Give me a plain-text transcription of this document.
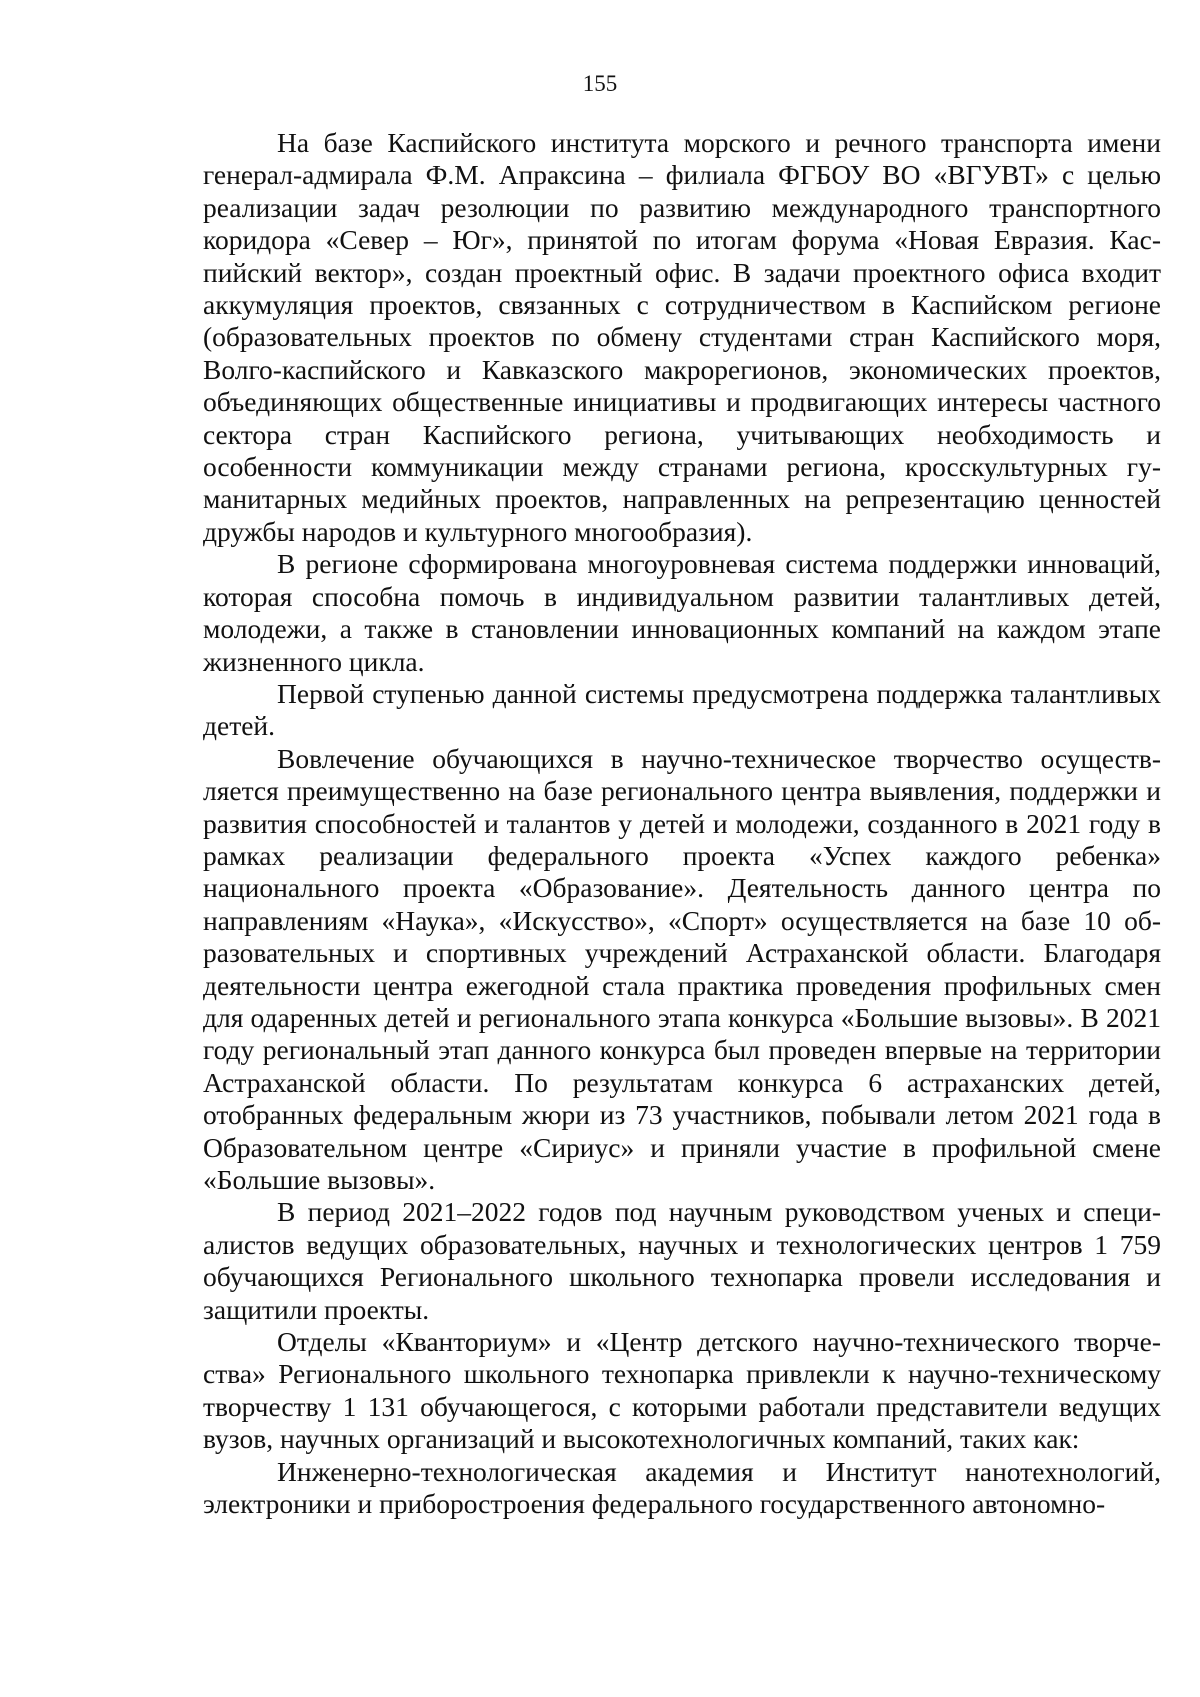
155

На базе Каспийского института морского и речного транспорта имени генерал-адмирала Ф.М. Апраксина – филиала ФГБОУ ВО «ВГУВТ» с целью реализации задач резолюции по развитию международного транспортного коридора «Север – Юг», принятой по итогам форума «Новая Евразия. Каспийский вектор», создан проектный офис. В задачи проектного офиса входит аккумуляция проектов, связанных с сотрудничеством в Каспийском регионе (образовательных проектов по обмену студентами стран Каспийского моря, Волго-каспийского и Кавказского макрорегионов, экономических проектов, объединяющих общественные инициативы и продвигающих интересы частного сектора стран Каспийского региона, учитывающих необходимость и особенности коммуникации между странами региона, кросскультурных гуманитарных медийных проектов, направленных на репрезентацию ценностей дружбы народов и культурного многообразия).

В регионе сформирована многоуровневая система поддержки инноваций, которая способна помочь в индивидуальном развитии талантливых детей, молодежи, а также в становлении инновационных компаний на каждом этапе жизненного цикла.

Первой ступенью данной системы предусмотрена поддержка талантливых детей.

Вовлечение обучающихся в научно-техническое творчество осуществляется преимущественно на базе регионального центра выявления, поддержки и развития способностей и талантов у детей и молодежи, созданного в 2021 году в рамках реализации федерального проекта «Успех каждого ребенка» национального проекта «Образование». Деятельность данного центра по направлениям «Наука», «Искусство», «Спорт» осуществляется на базе 10 образовательных и спортивных учреждений Астраханской области. Благодаря деятельности центра ежегодной стала практика проведения профильных смен для одаренных детей и регионального этапа конкурса «Большие вызовы». В 2021 году региональный этап данного конкурса был проведен впервые на территории Астраханской области. По результатам конкурса 6 астраханских детей, отобранных федеральным жюри из 73 участников, побывали летом 2021 года в Образовательном центре «Сириус» и приняли участие в профильной смене «Большие вызовы».

В период 2021–2022 годов под научным руководством ученых и специалистов ведущих образовательных, научных и технологических центров 1 759 обучающихся Регионального школьного технопарка провели исследования и защитили проекты.

Отделы «Кванториум» и «Центр детского научно-технического творчества» Регионального школьного технопарка привлекли к научно-техническому творчеству 1 131 обучающегося, с которыми работали представители ведущих вузов, научных организаций и высокотехнологичных компаний, таких как:

Инженерно-технологическая академия и Институт нанотехнологий, электроники и приборостроения федерального государственного автономно-
